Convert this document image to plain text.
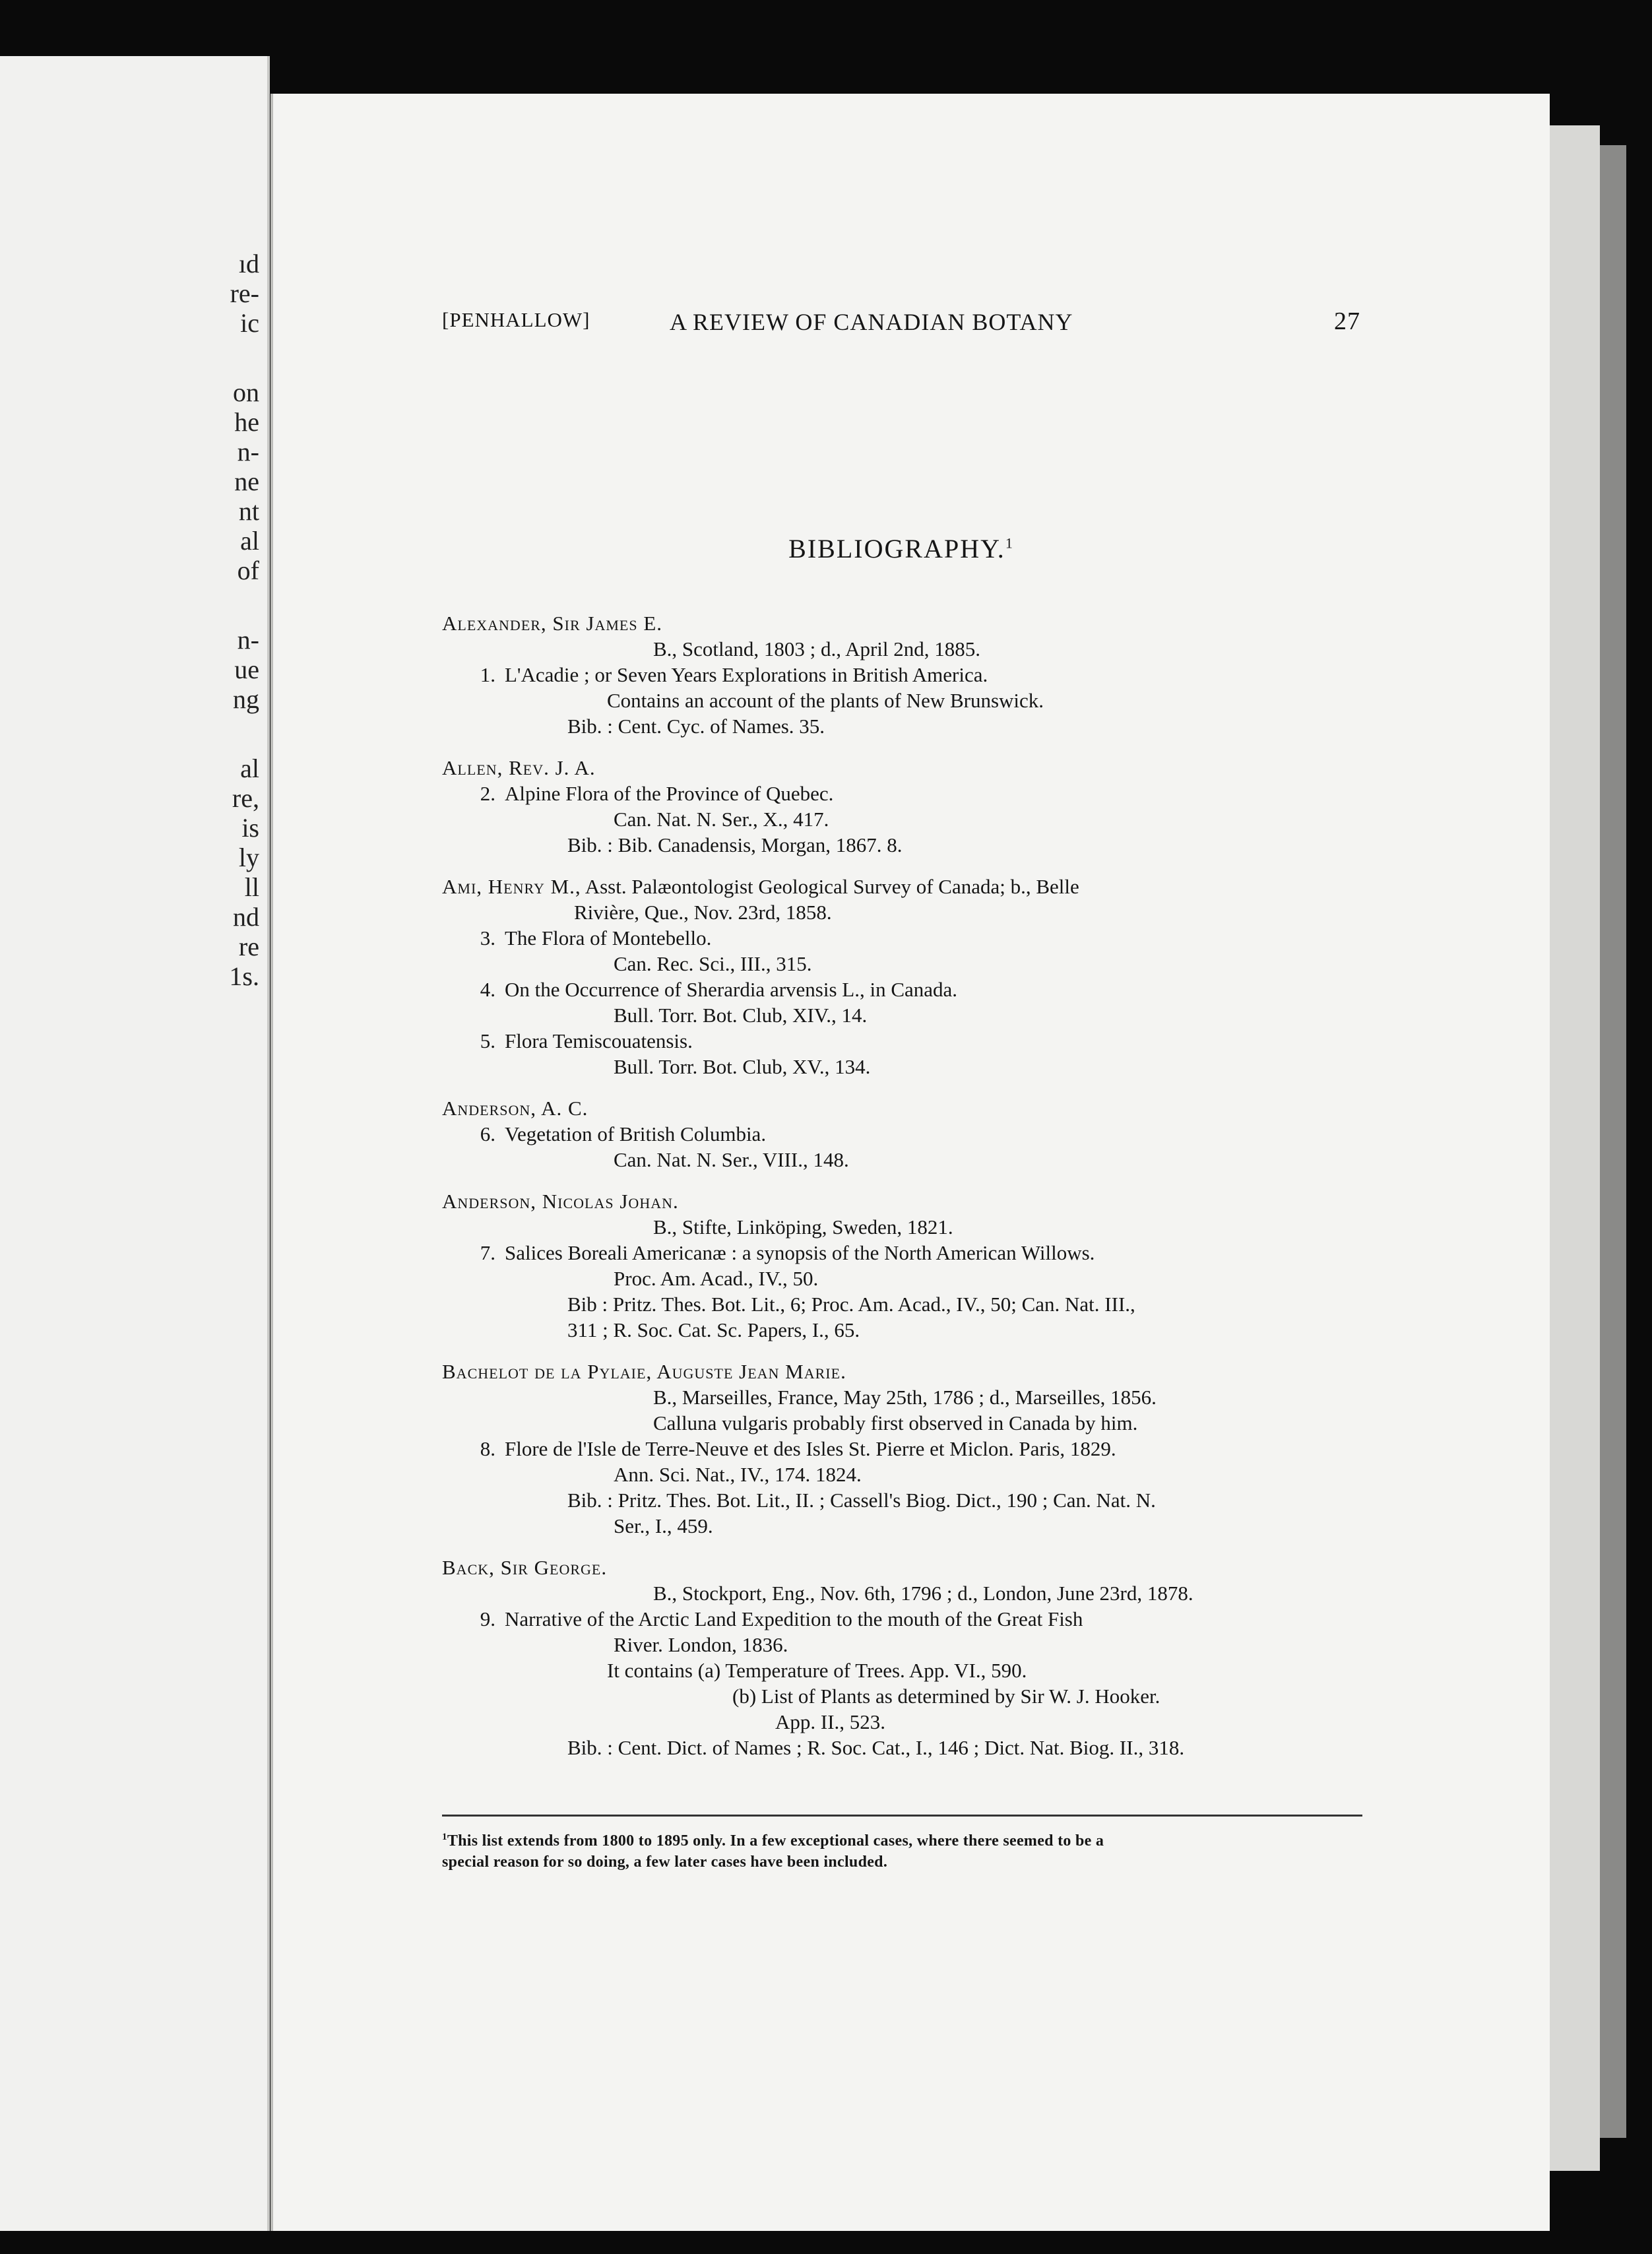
ıd
re-
ic
on
he
n-
ne
nt
al
of
n-
ue
ng
al
re,
is
ly
ll
nd
re
1s.
[PENHALLOW]	A REVIEW OF CANADIAN BOTANY	27
BIBLIOGRAPHY.$^1$
Alexander, Sir James E.
B., Scotland, 1803 ; d., April 2nd, 1885.
1. L'Acadie ; or Seven Years Explorations in British America.
Contains an account of the plants of New Brunswick.
Bib. : Cent. Cyc. of Names. 35.
Allen, Rev. J. A.
2. Alpine Flora of the Province of Quebec.
Can. Nat. N. Ser., X., 417.
Bib. : Bib. Canadensis, Morgan, 1867. 8.
Ami, Henry M., Asst. Palæontologist Geological Survey of Canada; b., Belle
Rivière, Que., Nov. 23rd, 1858.
3. The Flora of Montebello.
Can. Rec. Sci., III., 315.
4. On the Occurrence of Sherardia arvensis L., in Canada.
Bull. Torr. Bot. Club, XIV., 14.
5. Flora Temiscouatensis.
Bull. Torr. Bot. Club, XV., 134.
Anderson, A. C.
6. Vegetation of British Columbia.
Can. Nat. N. Ser., VIII., 148.
Anderson, Nicolas Johan.
B., Stifte, Linköping, Sweden, 1821.
7. Salices Boreali Americanæ : a synopsis of the North American Willows.
Proc. Am. Acad., IV., 50.
Bib : Pritz. Thes. Bot. Lit., 6; Proc. Am. Acad., IV., 50; Can. Nat. III.,
311 ; R. Soc. Cat. Sc. Papers, I., 65.
Bachelot de la Pylaie, Auguste Jean Marie.
B., Marseilles, France, May 25th, 1786 ; d., Marseilles, 1856.
Calluna vulgaris probably first observed in Canada by him.
8. Flore de l'Isle de Terre-Neuve et des Isles St. Pierre et Miclon. Paris, 1829.
Ann. Sci. Nat., IV., 174. 1824.
Bib. : Pritz. Thes. Bot. Lit., II. ; Cassell's Biog. Dict., 190 ; Can. Nat. N.
Ser., I., 459.
Back, Sir George.
B., Stockport, Eng., Nov. 6th, 1796 ; d., London, June 23rd, 1878.
9. Narrative of the Arctic Land Expedition to the mouth of the Great Fish
River. London, 1836.
It contains (a) Temperature of Trees. App. VI., 590.
(b) List of Plants as determined by Sir W. J. Hooker.
App. II., 523.
Bib. : Cent. Dict. of Names ; R. Soc. Cat., I., 146 ; Dict. Nat. Biog. II., 318.
$^1$This list extends from 1800 to 1895 only. In a few exceptional cases, where there seemed to be a
special reason for so doing, a few later cases have been included.
